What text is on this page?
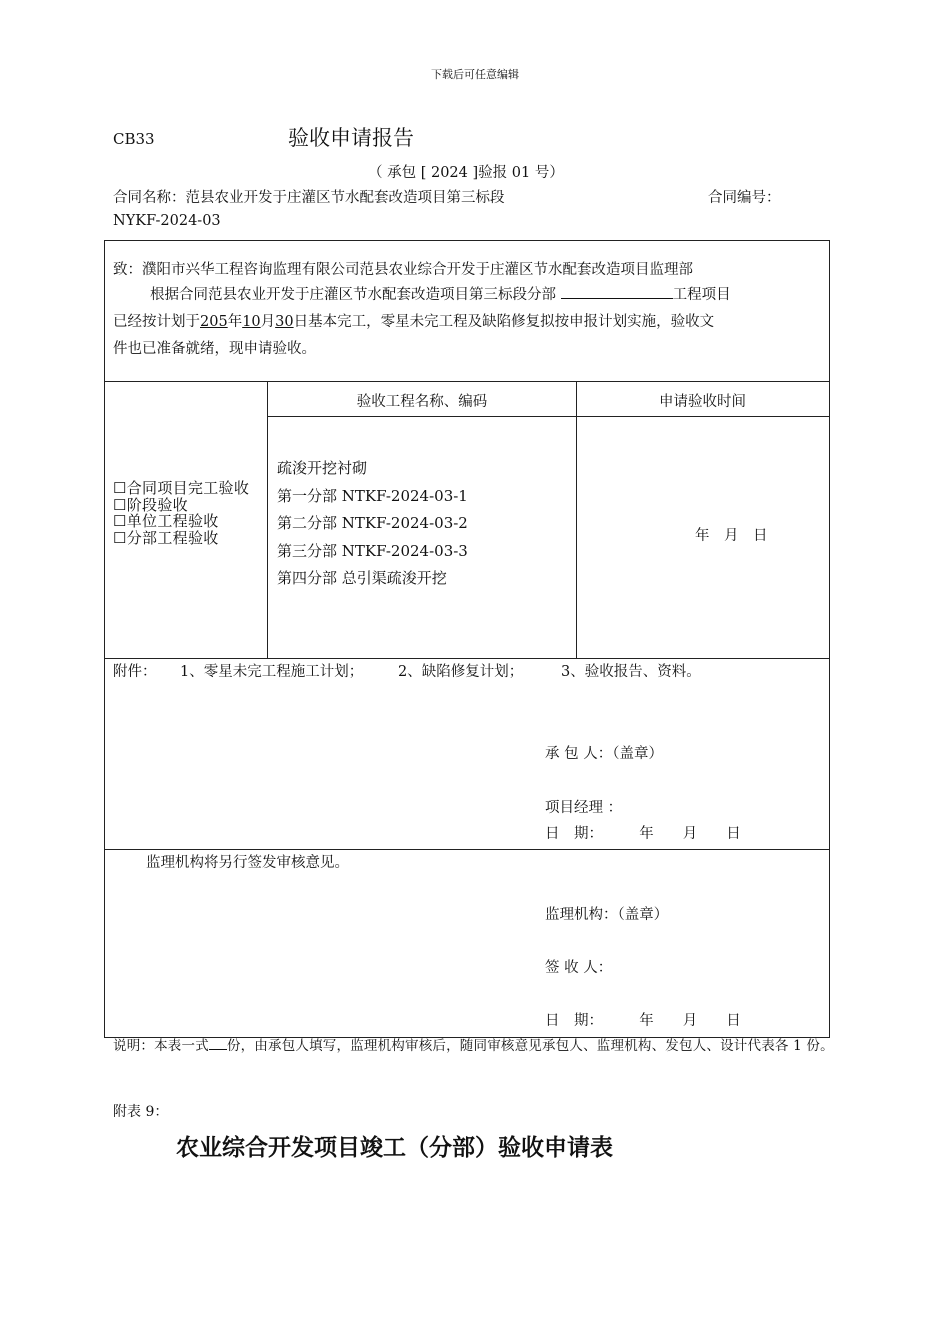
下载后可任意编辑
CB33	验收申请报告
（ 承包 [ 2024 ]验报 01 号）
合同名称：范县农业开发于庄灌区节水配套改造项目第三标段	合同编号：
NYKF-2024-03
致：濮阳市兴华工程咨询监理有限公司范县农业综合开发于庄灌区节水配套改造项目监理部
根据合同范县农业开发于庄灌区节水配套改造项目第三标段分部	工程项目
已经按计划于205年10月30日基本完工，零星未完工程及缺陷修复拟按申报计划实施，验收文
件也已准备就绪，现申请验收。
☐合同项目完工验收
☐阶段验收
☐单位工程验收
☐分部工程验收
验收工程名称、编码	申请验收时间
疏浚开挖衬砌
第一分部 NTKF-2024-03-1
第二分部 NTKF-2024-03-2
第三分部 NTKF-2024-03-3
第四分部 总引渠疏浚开挖
年　月　日
附件： 1、零星未完工程施工计划； 2、缺陷修复计划；	3、验收报告、资料。
承 包 人：（盖章）
项目经理 ：
日　期：　　　年　　月　　日
监理机构将另行签发审核意见。
监理机构：（盖章）
签 收 人：
日　期：　　　年　　月　　日
说明：本表一式 份，由承包人填写，监理机构审核后，随同审核意见承包人、监理机构、发包人、设计代表各 1 份。
附表 9：
农业综合开发项目竣工（分部）验收申请表
